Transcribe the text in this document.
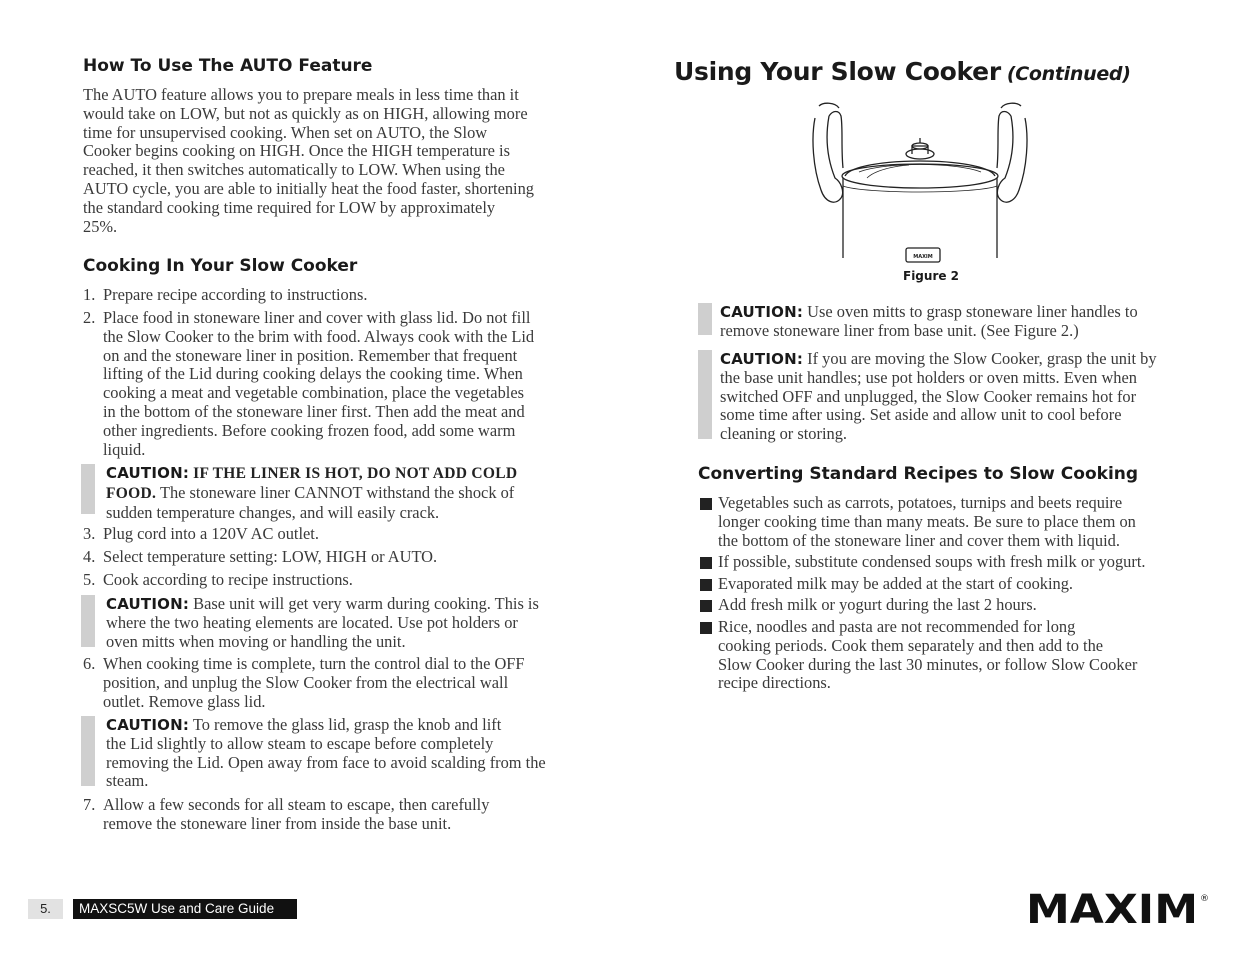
How To Use The AUTO Feature
The AUTO feature allows you to prepare meals in less time than it
would take on LOW, but not as quickly as on HIGH, allowing more
time for unsupervised cooking. When set on AUTO, the Slow
Cooker begins cooking on HIGH. Once the HIGH temperature is
reached, it then switches automatically to LOW. When using the
AUTO cycle, you are able to initially heat the food faster, shortening
the standard cooking time required for LOW by approximately
25%.
Cooking In Your Slow Cooker
1. Prepare recipe according to instructions.
2. Place food in stoneware liner and cover with glass lid. Do not fill
the Slow Cooker to the brim with food. Always cook with the Lid
on and the stoneware liner in position. Remember that frequent
lifting of the Lid during cooking delays the cooking time. When
cooking a meat and vegetable combination, place the vegetables
in the bottom of the stoneware liner first. Then add the meat and
other ingredients. Before cooking frozen food, add some warm
liquid.
CAUTION: IF THE LINER IS HOT, DO NOT ADD COLD
FOOD. The stoneware liner CANNOT withstand the shock of
sudden temperature changes, and will easily crack.
3. Plug cord into a 120V AC outlet.
4. Select temperature setting: LOW, HIGH or AUTO.
5. Cook according to recipe instructions.
CAUTION: Base unit will get very warm during cooking. This is
where the two heating elements are located. Use pot holders or
oven mitts when moving or handling the unit.
6. When cooking time is complete, turn the control dial to the OFF
position, and unplug the Slow Cooker from the electrical wall
outlet. Remove glass lid.
CAUTION: To remove the glass lid, grasp the knob and lift
the Lid slightly to allow steam to escape before completely
removing the Lid. Open away from face to avoid scalding from the
steam.
7. Allow a few seconds for all steam to escape, then carefully
remove the stoneware liner from inside the base unit.
Using Your Slow Cooker (Continued)
MAXIM
Figure 2
CAUTION: Use oven mitts to grasp stoneware liner handles to
remove stoneware liner from base unit. (See Figure 2.)
CAUTION: If you are moving the Slow Cooker, grasp the unit by
the base unit handles; use pot holders or oven mitts. Even when
switched OFF and unplugged, the Slow Cooker remains hot for
some time after using. Set aside and allow unit to cool before
cleaning or storing.
Converting Standard Recipes to Slow Cooking
Vegetables such as carrots, potatoes, turnips and beets require
longer cooking time than many meats. Be sure to place them on
the bottom of the stoneware liner and cover them with liquid.
If possible, substitute condensed soups with fresh milk or yogurt.
Evaporated milk may be added at the start of cooking.
Add fresh milk or yogurt during the last 2 hours.
Rice, noodles and pasta are not recommended for long
cooking periods. Cook them separately and then add to the
Slow Cooker during the last 30 minutes, or follow Slow Cooker
recipe directions.
5.	MAXSC5W Use and Care Guide	MAXIM ®
